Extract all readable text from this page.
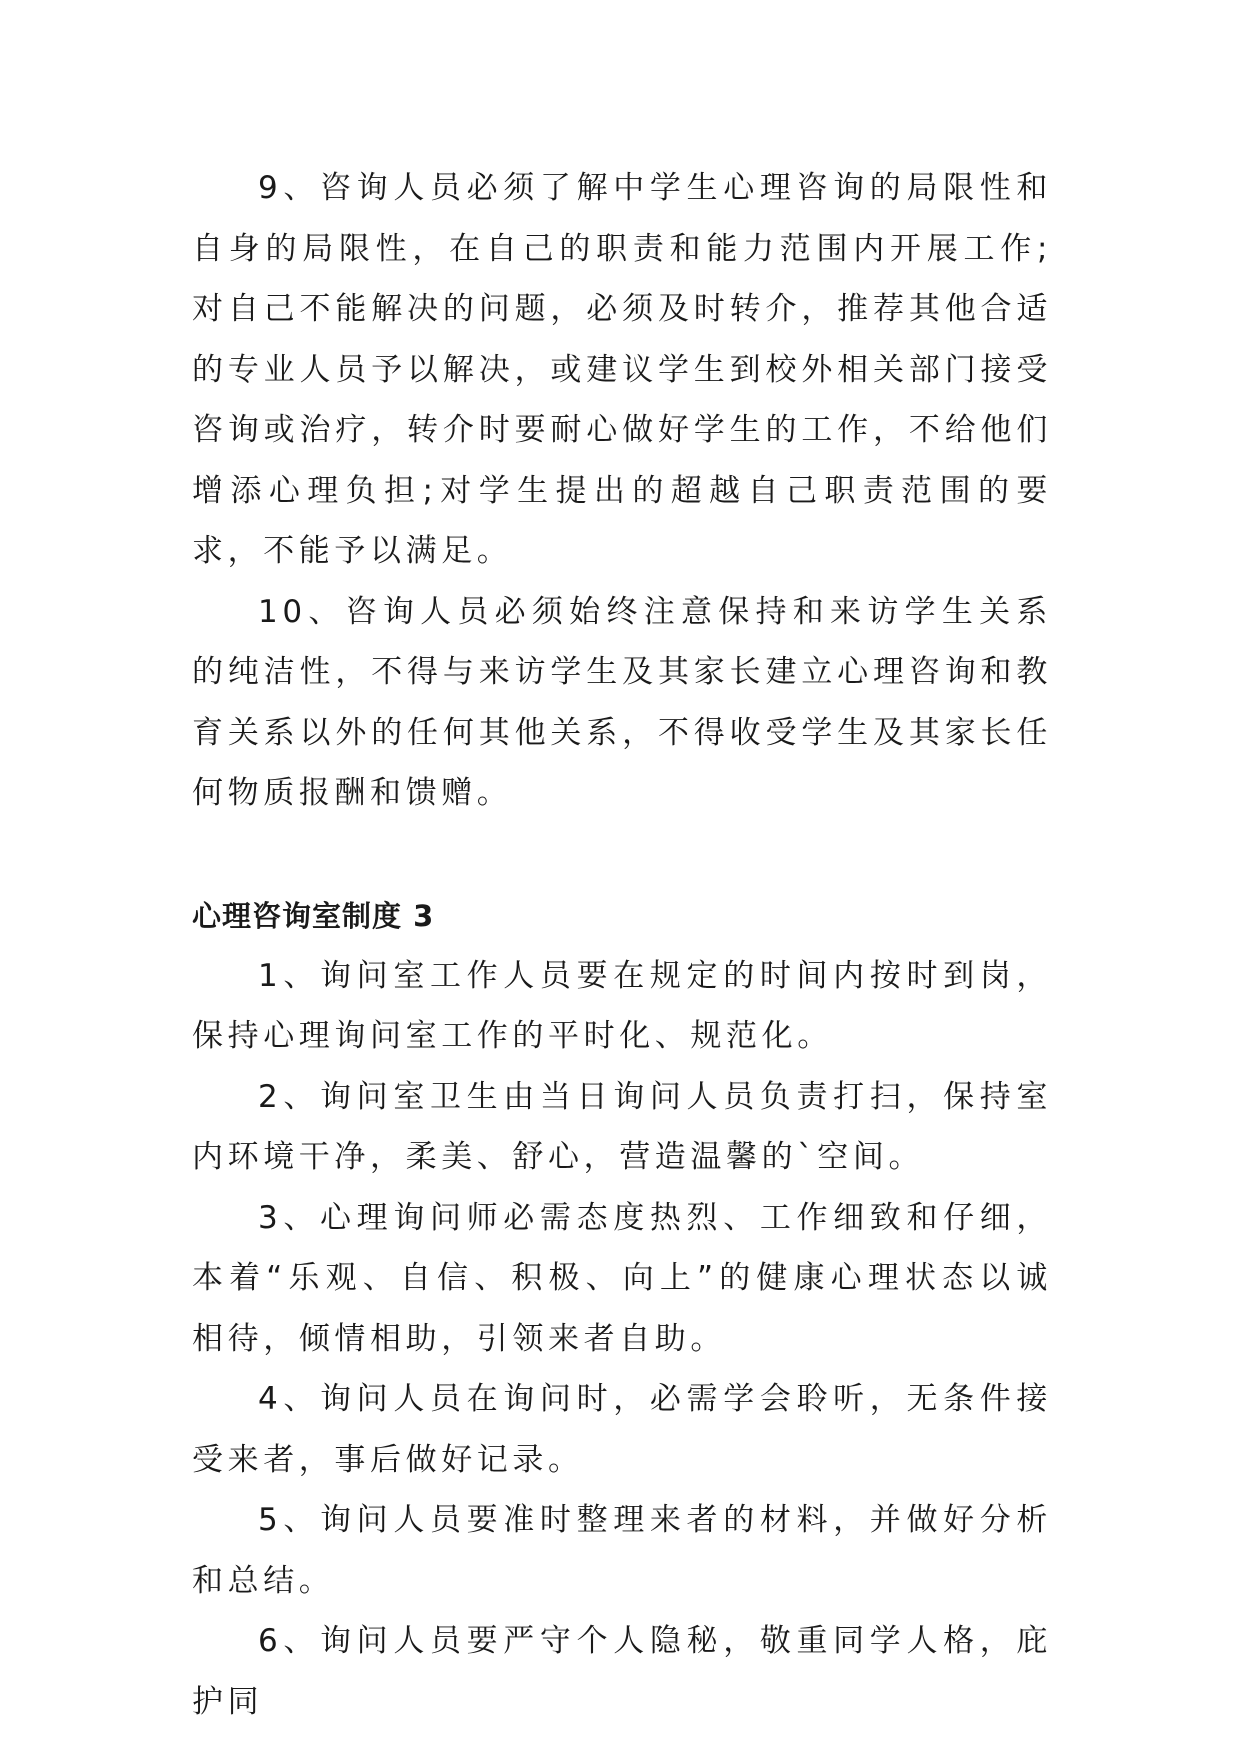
9、咨询人员必须了解中学生心理咨询的局限性和自身的局限性，在自己的职责和能力范围内开展工作;对自己不能解决的问题，必须及时转介，推荐其他合适的专业人员予以解决，或建议学生到校外相关部门接受咨询或治疗，转介时要耐心做好学生的工作，不给他们增添心理负担;对学生提出的超越自己职责范围的要求，不能予以满足。

10、咨询人员必须始终注意保持和来访学生关系的纯洁性，不得与来访学生及其家长建立心理咨询和教育关系以外的任何其他关系，不得收受学生及其家长任何物质报酬和馈赠。

心理咨询室制度 3

1、询问室工作人员要在规定的时间内按时到岗，保持心理询问室工作的平时化、规范化。

2、询问室卫生由当日询问人员负责打扫，保持室内环境干净，柔美、舒心，营造温馨的`空间。

3、心理询问师必需态度热烈、工作细致和仔细，本着“乐观、自信、积极、向上”的健康心理状态以诚相待，倾情相助，引领来者自助。

4、询问人员在询问时，必需学会聆听，无条件接受来者，事后做好记录。

5、询问人员要准时整理来者的材料，并做好分析和总结。

6、询问人员要严守个人隐秘，敬重同学人格，庇护同
